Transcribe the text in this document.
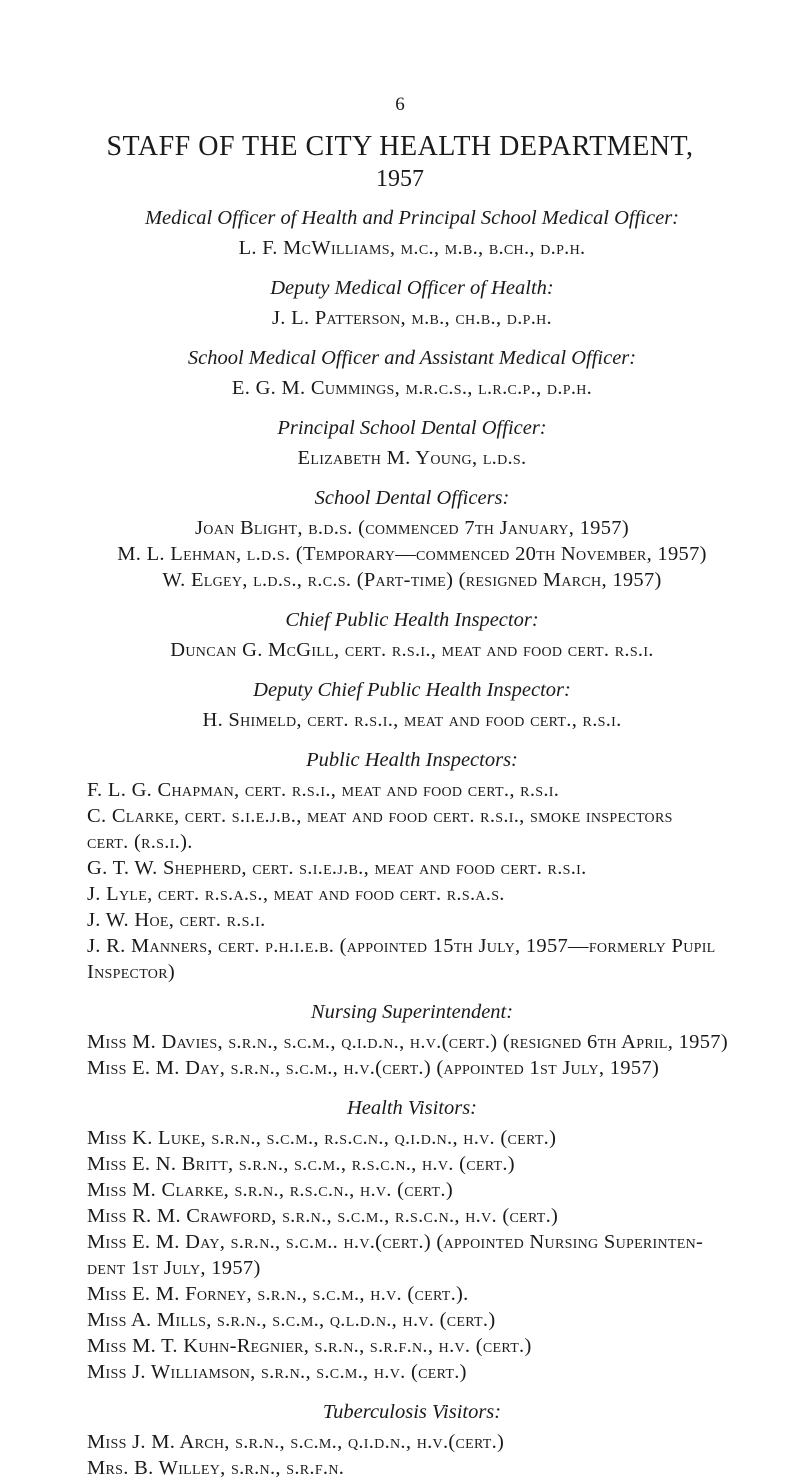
6
STAFF OF THE CITY HEALTH DEPARTMENT,
1957
Medical Officer of Health and Principal School Medical Officer:
L. F. McWilliams, m.c., m.b., b.ch., d.p.h.
Deputy Medical Officer of Health:
J. L. Patterson, m.b., ch.b., d.p.h.
School Medical Officer and Assistant Medical Officer:
E. G. M. Cummings, m.r.c.s., l.r.c.p., d.p.h.
Principal School Dental Officer:
Elizabeth M. Young, l.d.s.
School Dental Officers:
Joan Blight, b.d.s. (commenced 7th January, 1957)
M. L. Lehman, l.d.s. (Temporary—commenced 20th November, 1957)
W. Elgey, l.d.s., r.c.s. (Part-time) (resigned March, 1957)
Chief Public Health Inspector:
Duncan G. McGill, cert. r.s.i., meat and food cert. r.s.i.
Deputy Chief Public Health Inspector:
H. Shimeld, cert. r.s.i., meat and food cert., r.s.i.
Public Health Inspectors:
F. L. G. Chapman, cert. r.s.i., meat and food cert., r.s.i.
C. Clarke, cert. s.i.e.j.b., meat and food cert. r.s.i., smoke inspectors
cert. (r.s.i.).
G. T. W. Shepherd, cert. s.i.e.j.b., meat and food cert. r.s.i.
J. Lyle, cert. r.s.a.s., meat and food cert. r.s.a.s.
J. W. Hoe, cert. r.s.i.
J. R. Manners, cert. p.h.i.e.b. (appointed 15th July, 1957—formerly Pupil
Inspector)
Nursing Superintendent:
Miss M. Davies, s.r.n., s.c.m., q.i.d.n., h.v.(cert.) (resigned 6th April, 1957)
Miss E. M. Day, s.r.n., s.c.m., h.v.(cert.) (appointed 1st July, 1957)
Health Visitors:
Miss K. Luke, s.r.n., s.c.m., r.s.c.n., q.i.d.n., h.v. (cert.)
Miss E. N. Britt, s.r.n., s.c.m., r.s.c.n., h.v. (cert.)
Miss M. Clarke, s.r.n., r.s.c.n., h.v. (cert.)
Miss R. M. Crawford, s.r.n., s.c.m., r.s.c.n., h.v. (cert.)
Miss E. M. Day, s.r.n., s.c.m.. h.v.(cert.) (appointed Nursing Superinten-
dent 1st July, 1957)
Miss E. M. Forney, s.r.n., s.c.m., h.v. (cert.).
Miss A. Mills, s.r.n., s.c.m., q.l.d.n., h.v. (cert.)
Miss M. T. Kuhn-Regnier, s.r.n., s.r.f.n., h.v. (cert.)
Miss J. Williamson, s.r.n., s.c.m., h.v. (cert.)
Tuberculosis Visitors:
Miss J. M. Arch, s.r.n., s.c.m., q.i.d.n., h.v.(cert.)
Mrs. B. Willey, s.r.n., s.r.f.n.
